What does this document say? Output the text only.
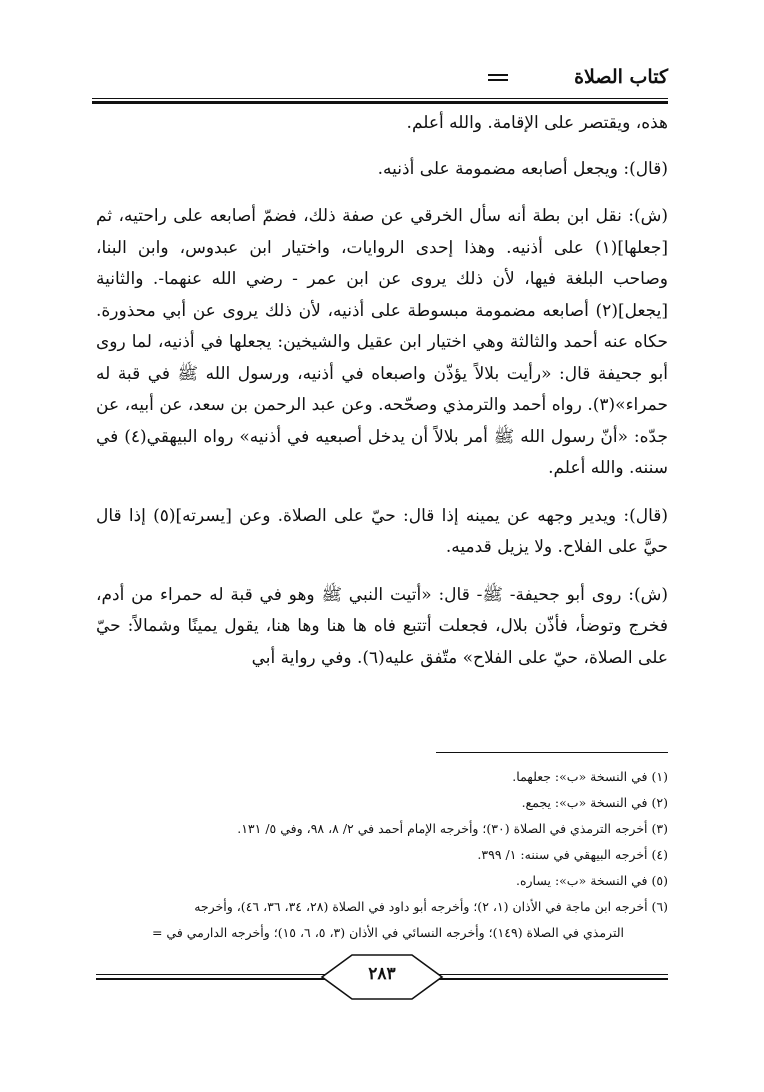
كتاب الصلاة

هذه، ويقتصر على الإقامة. والله أعلم.

(قال): ويجعل أصابعه مضمومة على أذنيه.

(ش): نقل ابن بطة أنه سأل الخرقي عن صفة ذلك، فضمّ أصابعه على راحتيه، ثم [جعلها](١) على أذنيه. وهذا إحدى الروايات، واختيار ابن عبدوس، وابن البنا، وصاحب البلغة فيها، لأن ذلك يروى عن ابن عمر - رضي الله عنهما-. والثانية [يجعل](٢) أصابعه مضمومة مبسوطة على أذنيه، لأن ذلك يروى عن أبي محذورة. حكاه عنه أحمد والثالثة وهي اختيار ابن عقيل والشيخين: يجعلها في أذنيه، لما روى أبو جحيفة قال: «رأيت بلالاً يؤذّن واصبعاه في أذنيه، ورسول الله ﷺ في قبة له حمراء»(٣). رواه أحمد والترمذي وصحّحه. وعن عبد الرحمن بن سعد، عن أبيه، عن جدّه: «أنّ رسول الله ﷺ أمر بلالاً أن يدخل أصبعيه في أذنيه» رواه البيهقي(٤) في سننه. والله أعلم.

(قال): ويدير وجهه عن يمينه إذا قال: حيّ على الصلاة. وعن [يسرته](٥) إذا قال حيَّ على الفلاح. ولا يزيل قدميه.

(ش): روى أبو جحيفة- ﷺ- قال: «أتيت النبي ﷺ وهو في قبة له حمراء من أدم، فخرج وتوضأ، فأذّن بلال، فجعلت أتتبع فاه ها هنا وها هنا، يقول يمينًا وشمالاً: حيّ على الصلاة، حيّ على الفلاح» متّفق عليه(٦). وفي رواية أبي

(١) في النسخة «ب»: جعلهما.

(٢) في النسخة «ب»: يجمع.

(٣) أخرجه الترمذي في الصلاة (٣٠)؛ وأخرجه الإمام أحمد في ٢/ ٨، ٩٨، وفي ٥/ ١٣١.

(٤) أخرجه البيهقي في سننه: ١/ ٣٩٩.

(٥) في النسخة «ب»: يساره.

(٦) أخرجه ابن ماجة في الأذان (١، ٢)؛ وأخرجه أبو داود في الصلاة (٢٨، ٣٤، ٣٦، ٤٦)، وأخرجه

الترمذي في الصلاة (١٤٩)؛ وأخرجه النسائي في الأذان (٣، ٥، ٦، ١٥)؛ وأخرجه الدارمي في =

٢٨٣
